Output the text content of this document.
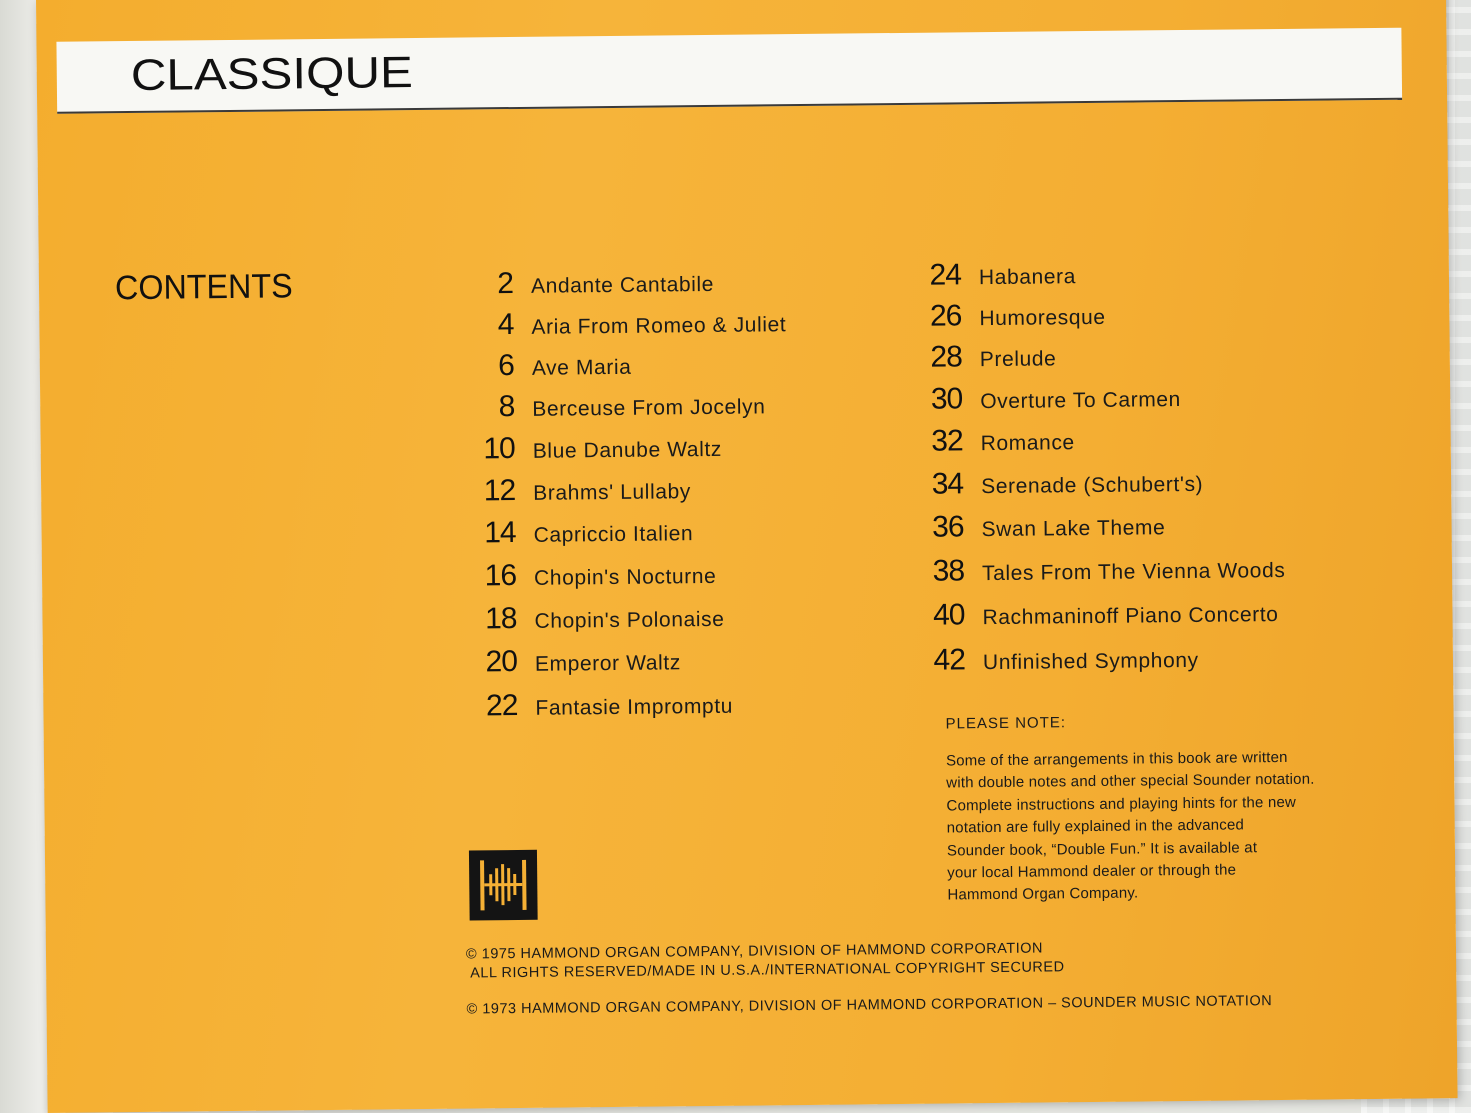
CLASSIQUE
CONTENTS	2 Andante Cantabile
4 Aria From Romeo & Juliet
6 Ave Maria
8 Berceuse From Jocelyn
10 Blue Danube Waltz
12 Brahms' Lullaby
14 Capriccio Italien
16 Chopin's Nocturne
18 Chopin's Polonaise
20 Emperor Waltz
22 Fantasie Impromptu
24 Habanera
26 Humoresque
28 Prelude
30 Overture To Carmen
32 Romance
34 Serenade (Schubert's)
36 Swan Lake Theme
38 Tales From The Vienna Woods
40 Rachmaninoff Piano Concerto
42 Unfinished Symphony
PLEASE NOTE:
Some of the arrangements in this book are written
with double notes and other special Sounder notation.
Complete instructions and playing hints for the new
notation are fully explained in the advanced
Sounder book, “Double Fun.” It is available at
your local Hammond dealer or through the
Hammond Organ Company.
© 1975 HAMMOND ORGAN COMPANY, DIVISION OF HAMMOND CORPORATION
ALL RIGHTS RESERVED/MADE IN U.S.A./INTERNATIONAL COPYRIGHT SECURED
© 1973 HAMMOND ORGAN COMPANY, DIVISION OF HAMMOND CORPORATION – SOUNDER MUSIC NOTATION
